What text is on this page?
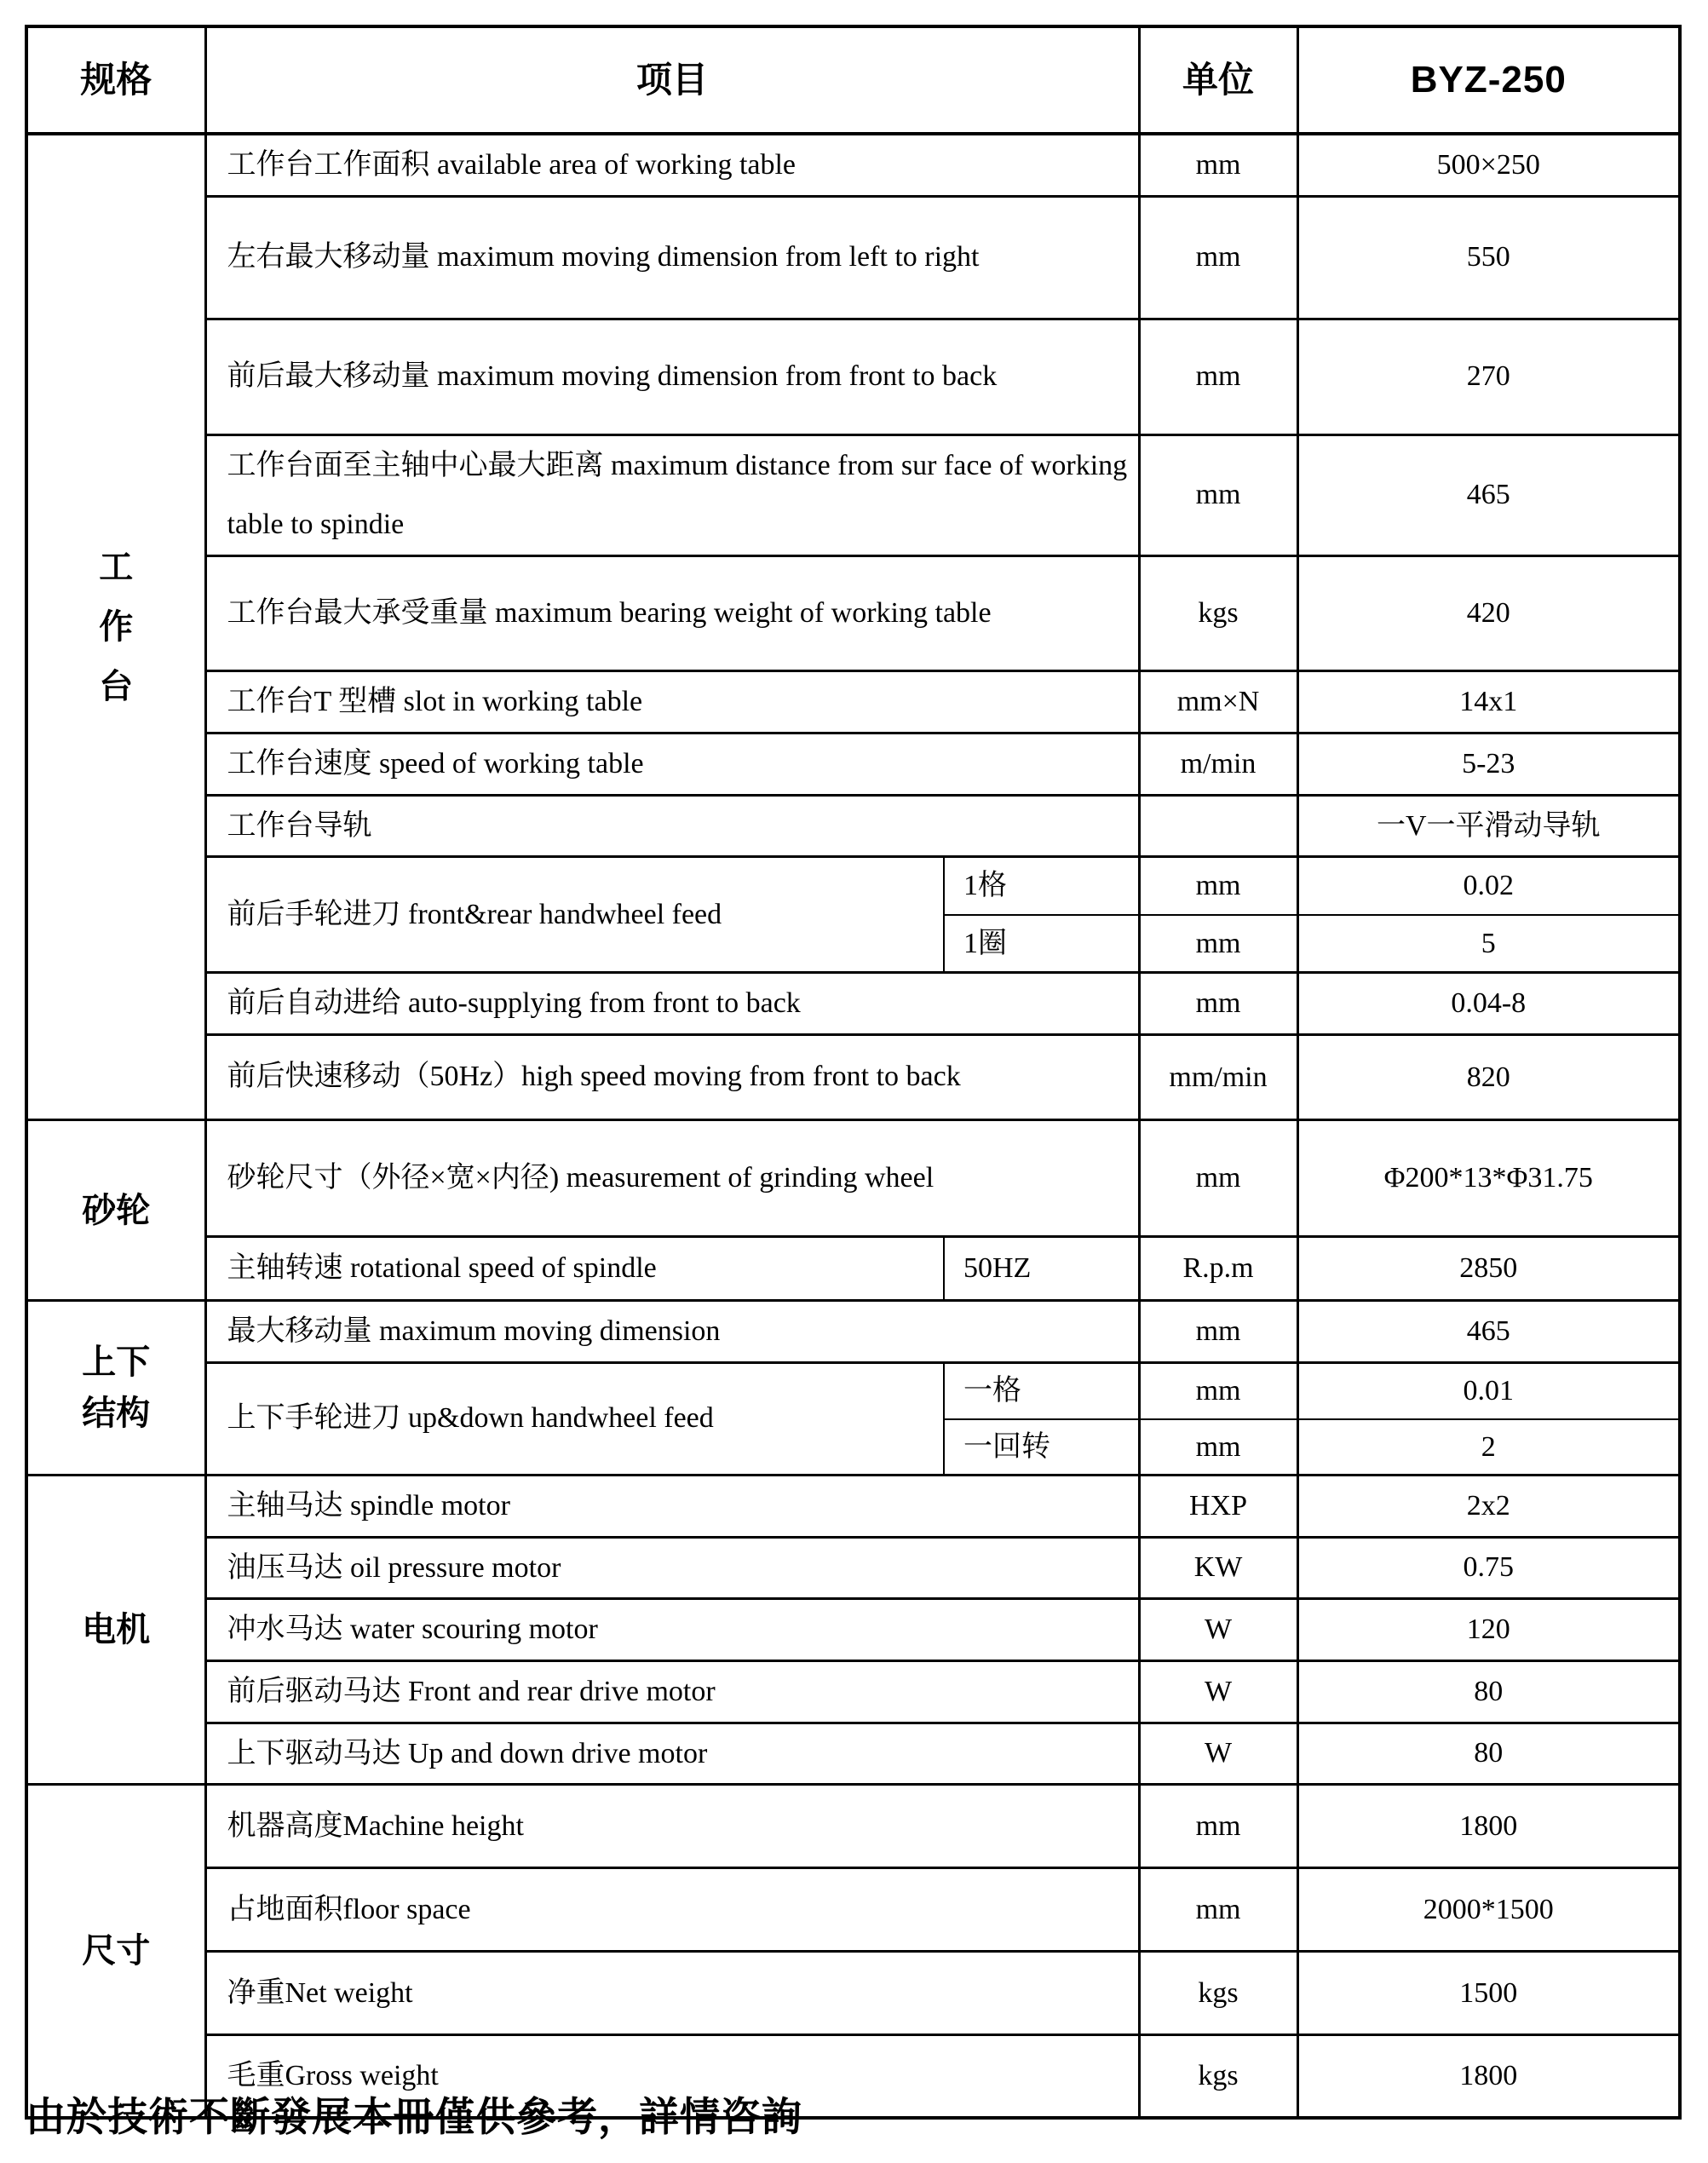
规格	项目		单位	BYZ-250
工作台	工作台工作面积 available area of working table		mm	500×250
	左右最大移动量 maximum moving dimension from left to right		mm	550
	前后最大移动量 maximum moving dimension from front to back		mm	270
	工作台面至主轴中心最大距离 maximum distance from sur face of working table to spindie		mm	465
	工作台最大承受重量 maximum bearing weight of working table		kgs	420
	工作台T 型槽 slot in working table		mm×N	14x1
	工作台速度 speed of working table		m/min	5-23
	工作台导轨			一V一平滑动导轨
	前后手轮进刀 front&rear handwheel feed	1格	mm	0.02
		1圈	mm	5
	前后自动进给 auto-supplying from front to back		mm	0.04-8
	前后快速移动（50Hz）high speed moving from front to back		mm/min	820
砂轮	砂轮尺寸（外径×宽×内径) measurement of grinding wheel		mm	Φ200*13*Φ31.75
	主轴转速 rotational speed of spindle	50HZ	R.p.m	2850
上下结构	最大移动量 maximum moving dimension		mm	465
	上下手轮进刀 up&down handwheel feed	一格	mm	0.01
		一回转	mm	2
电机	主轴马达 spindle motor		HXP	2x2
	油压马达 oil pressure motor		KW	0.75
	冲水马达 water scouring motor		W	120
	前后驱动马达 Front and rear drive motor		W	80
	上下驱动马达 Up and down drive motor		W	80
尺寸	机器高度Machine height		mm	1800
	占地面积floor space		mm	2000*1500
	净重Net weight		kgs	1500
	毛重Gross weight		kgs	1800
由於技術不斷發展本冊僅供參考，詳情咨詢
